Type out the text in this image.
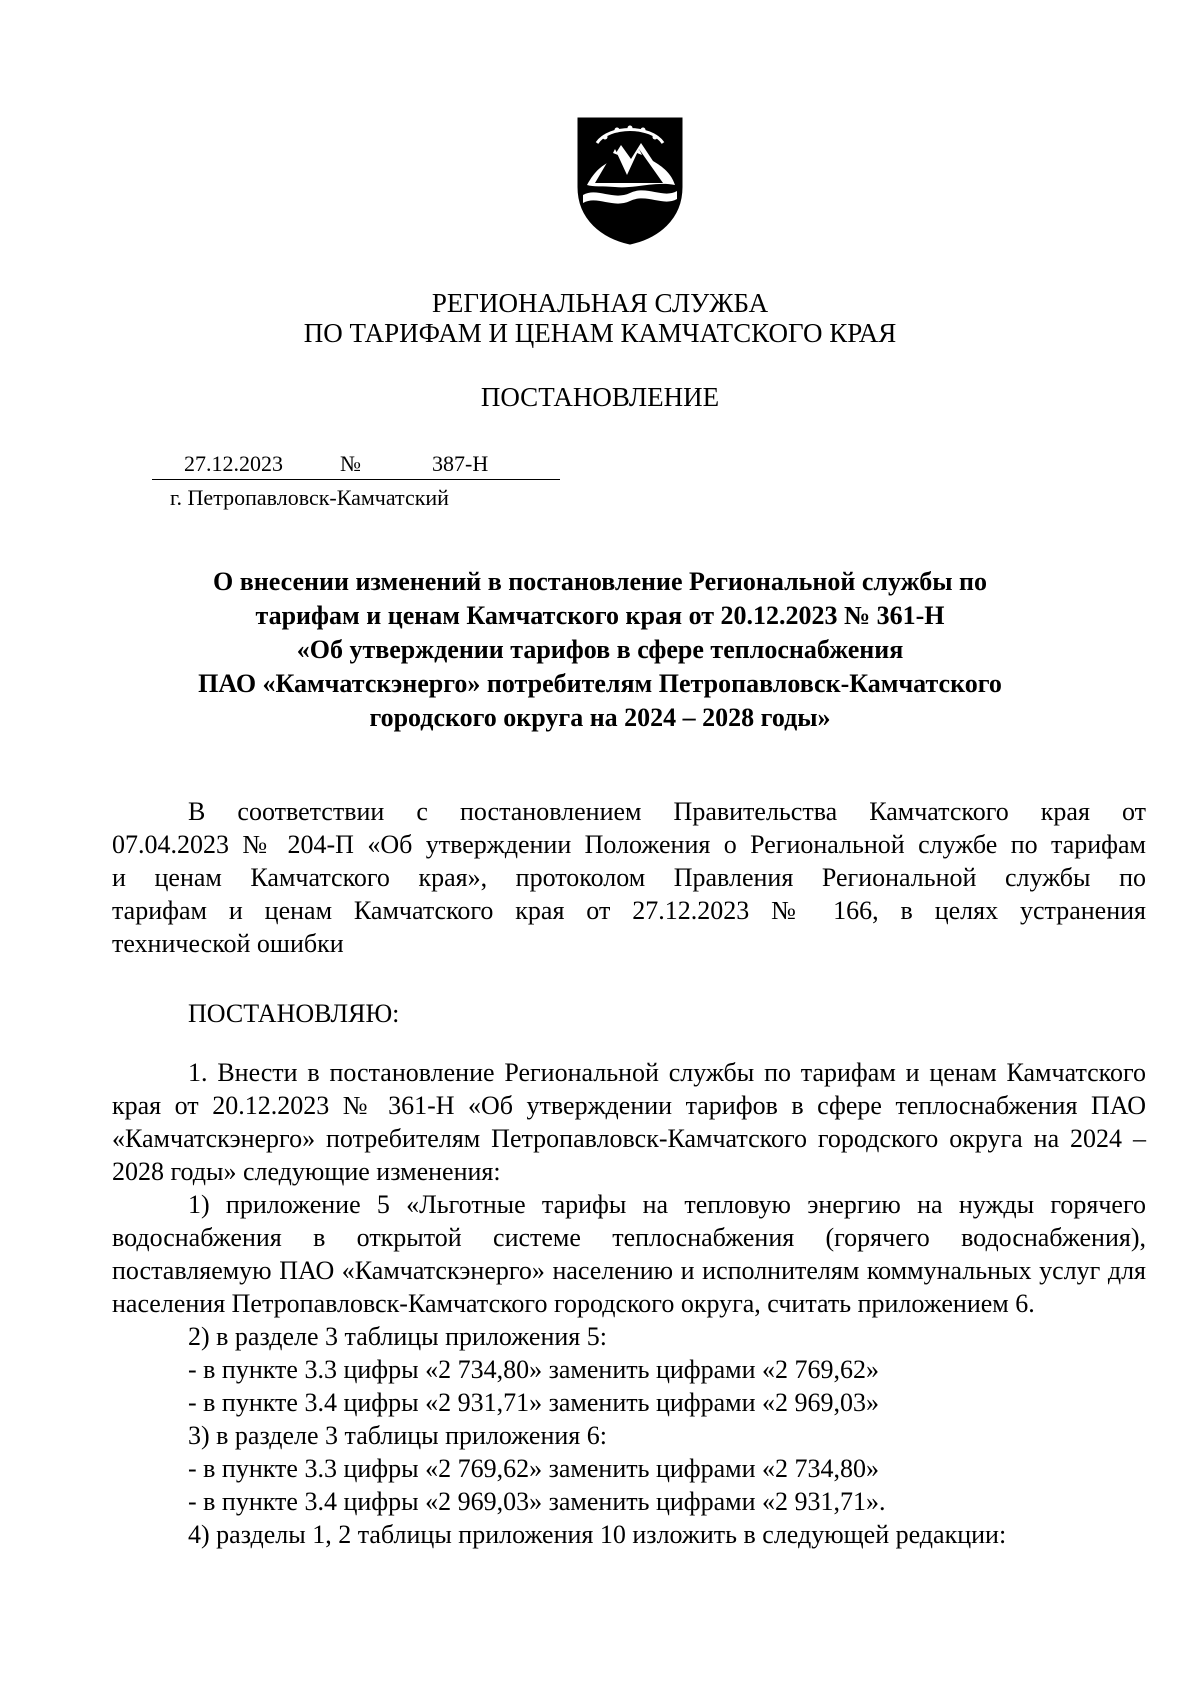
РЕГИОНАЛЬНАЯ СЛУЖБА
ПО ТАРИФАМ И ЦЕНАМ КАМЧАТСКОГО КРАЯ
ПОСТАНОВЛЕНИЕ
27.12.2023	№	387-Н
г. Петропавловск-Камчатский
О внесении изменений в постановление Региональной службы по
тарифам и ценам Камчатского края от 20.12.2023 № 361-Н
«Об утверждении тарифов в сфере теплоснабжения
ПАО «Камчатскэнерго» потребителям Петропавловск-Камчатского
городского округа на 2024 – 2028 годы»
В соответствии с постановлением Правительства Камчатского края от
07.04.2023 № 204-П «Об утверждении Положения о Региональной службе по тарифам
и ценам Камчатского края», протоколом Правления Региональной службы по
тарифам и ценам Камчатского края от 27.12.2023 № 166, в целях устранения
технической ошибки
ПОСТАНОВЛЯЮ:

1. Внести в постановление Региональной службы по тарифам и ценам Камчатского края от 20.12.2023 № 361-Н «Об утверждении тарифов в сфере теплоснабжения ПАО «Камчатскэнерго» потребителям Петропавловск-Камчатского городского округа на 2024 – 2028 годы» следующие изменения:

1) приложение 5 «Льготные тарифы на тепловую энергию на нужды горячего водоснабжения в открытой системе теплоснабжения (горячего водоснабжения), поставляемую ПАО «Камчатскэнерго» населению и исполнителям коммунальных услуг для населения Петропавловск-Камчатского городского округа, считать приложением 6.

2) в разделе 3 таблицы приложения 5:

- в пункте 3.3 цифры «2 734,80» заменить цифрами «2 769,62»

- в пункте 3.4 цифры «2 931,71» заменить цифрами «2 969,03»

3) в разделе 3 таблицы приложения 6:

- в пункте 3.3 цифры «2 769,62» заменить цифрами «2 734,80»

- в пункте 3.4 цифры «2 969,03» заменить цифрами «2 931,71».

4) разделы 1, 2 таблицы приложения 10 изложить в следующей редакции:
